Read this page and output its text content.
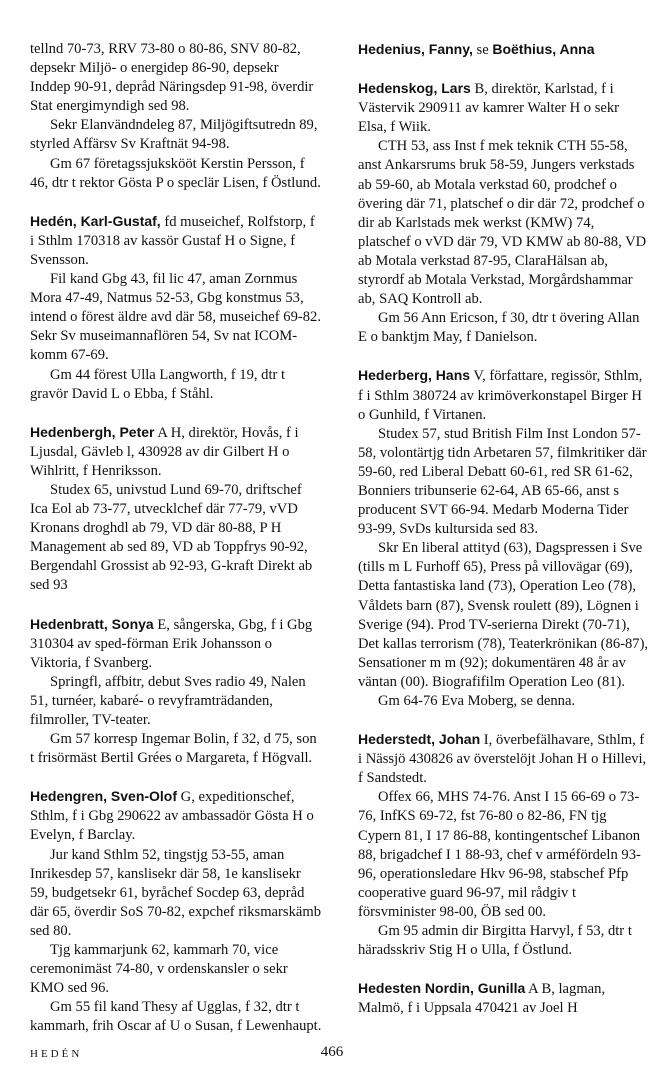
tellnd 70-73, RRV 73-80 o 80-86, SNV 80-82, depsekr Miljö- o energidep 86-90, depsekr Inddep 90-91, depråd Näringsdep 91-98, överdir Stat energimyndigh sed 98.

Sekr Elanvändndeleg 87, Miljögiftsutredn 89, styrled Affärsv Sv Kraftnät 94-98.

Gm 67 företagssjukskööt Kerstin Persson, f 46, dtr t rektor Gösta P o speclär Lisen, f Östlund.

Hedén, Karl-Gustaf, fd museichef, Rolfstorp, f i Sthlm 170318 av kassör Gustaf H o Signe, f Svensson.

Fil kand Gbg 43, fil lic 47, aman Zornmus Mora 47-49, Natmus 52-53, Gbg konstmus 53, intend o förest äldre avd där 58, museichef 69-82. Sekr Sv museimannaflören 54, Sv nat ICOM-komm 67-69.

Gm 44 förest Ulla Langworth, f 19, dtr t gravör David L o Ebba, f Ståhl.

Hedenbergh, Peter A H, direktör, Hovås, f i Ljusdal, Gävleb l, 430928 av dir Gilbert H o Wihlritt, f Henriksson.

Studex 65, univstud Lund 69-70, driftschef Ica Eol ab 73-77, utvecklchef där 77-79, vVD Kronans droghdl ab 79, VD där 80-88, P H Management ab sed 89, VD ab Toppfrys 90-92, Bergendahl Grossist ab 92-93, G-kraft Direkt ab sed 93

Hedenbratt, Sonya E, sångerska, Gbg, f i Gbg 310304 av sped-förman Erik Johansson o Viktoria, f Svanberg.

Springfl, affbitr, debut Sves radio 49, Nalen 51, turnéer, kabaré- o revyframträdanden, filmroller, TV-teater.

Gm 57 korresp Ingemar Bolin, f 32, d 75, son t frisörmäst Bertil Grées o Margareta, f Högvall.

Hedengren, Sven-Olof G, expeditionschef, Sthlm, f i Gbg 290622 av ambassadör Gösta H o Evelyn, f Barclay.

Jur kand Sthlm 52, tingstjg 53-55, aman Inrikesdep 57, kanslisekr där 58, 1e kanslisekr 59, budgetsekr 61, byråchef Socdep 63, depråd där 65, överdir SoS 70-82, expchef riksmarskämb sed 80.

Tjg kammarjunk 62, kammarh 70, vice ceremonimäst 74-80, v ordenskansler o sekr KMO sed 96.

Gm 55 fil kand Thesy af Ugglas, f 32, dtr t kammarh, frih Oscar af U o Susan, f Lewenhaupt.

Hedenius, Fanny, se Boëthius, Anna

Hedenskog, Lars B, direktör, Karlstad, f i Västervik 290911 av kamrer Walter H o sekr Elsa, f Wiik.

CTH 53, ass Inst f mek teknik CTH 55-58, anst Ankarsrums bruk 58-59, Jungers verkstads ab 59-60, ab Motala verkstad 60, prodchef o övering där 71, platschef o dir där 72, prodchef o dir ab Karlstads mek werkst (KMW) 74, platschef o vVD där 79, VD KMW ab 80-88, VD ab Motala verkstad 87-95, ClaraHälsan ab, styrordf ab Motala Verkstad, Morgårdshammar ab, SAQ Kontroll ab.

Gm 56 Ann Ericson, f 30, dtr t övering Allan E o banktjm May, f Danielson.

Hederberg, Hans V, författare, regissör, Sthlm, f i Sthlm 380724 av krimöverkonstapel Birger H o Gunhild, f Virtanen.

Studex 57, stud British Film Inst London 57-58, volontärtjg tidn Arbetaren 57, filmkritiker där 59-60, red Liberal Debatt 60-61, red SR 61-62, Bonniers tribunserie 62-64, AB 65-66, anst s producent SVT 66-94. Medarb Moderna Tider 93-99, SvDs kultursida sed 83.

Skr En liberal attityd (63), Dagspressen i Sve (tills m L Furhoff 65), Press på villovägar (69), Detta fantastiska land (73), Operation Leo (78), Våldets barn (87), Svensk roulett (89), Lögnen i Sverige (94). Prod TV-serierna Direkt (70-71), Det kallas terrorism (78), Teaterkrönikan (86-87), Sensationer m m (92); dokumentären 48 år av väntan (00). Biografifilm Operation Leo (81).

Gm 64-76 Eva Moberg, se denna.

Hederstedt, Johan I, överbefälhavare, Sthlm, f i Nässjö 430826 av överstelöjt Johan H o Hillevi, f Sandstedt.

Offex 66, MHS 74-76. Anst I 15 66-69 o 73-76, InfKS 69-72, fst 76-80 o 82-86, FN tjg Cypern 81, I 17 86-88, kontingentschef Libanon 88, brigadchef I 1 88-93, chef v arméfördeln 93-96, operationsledare Hkv 96-98, stabschef Pfp cooperative guard 96-97, mil rådgiv t försvminister 98-00, ÖB sed 00.

Gm 95 admin dir Birgitta Harvyl, f 53, dtr t häradsskriv Stig H o Ulla, f Östlund.

Hedesten Nordin, Gunilla A B, lagman, Malmö, f i Uppsala 470421 av Joel H

HEDÉN	466
